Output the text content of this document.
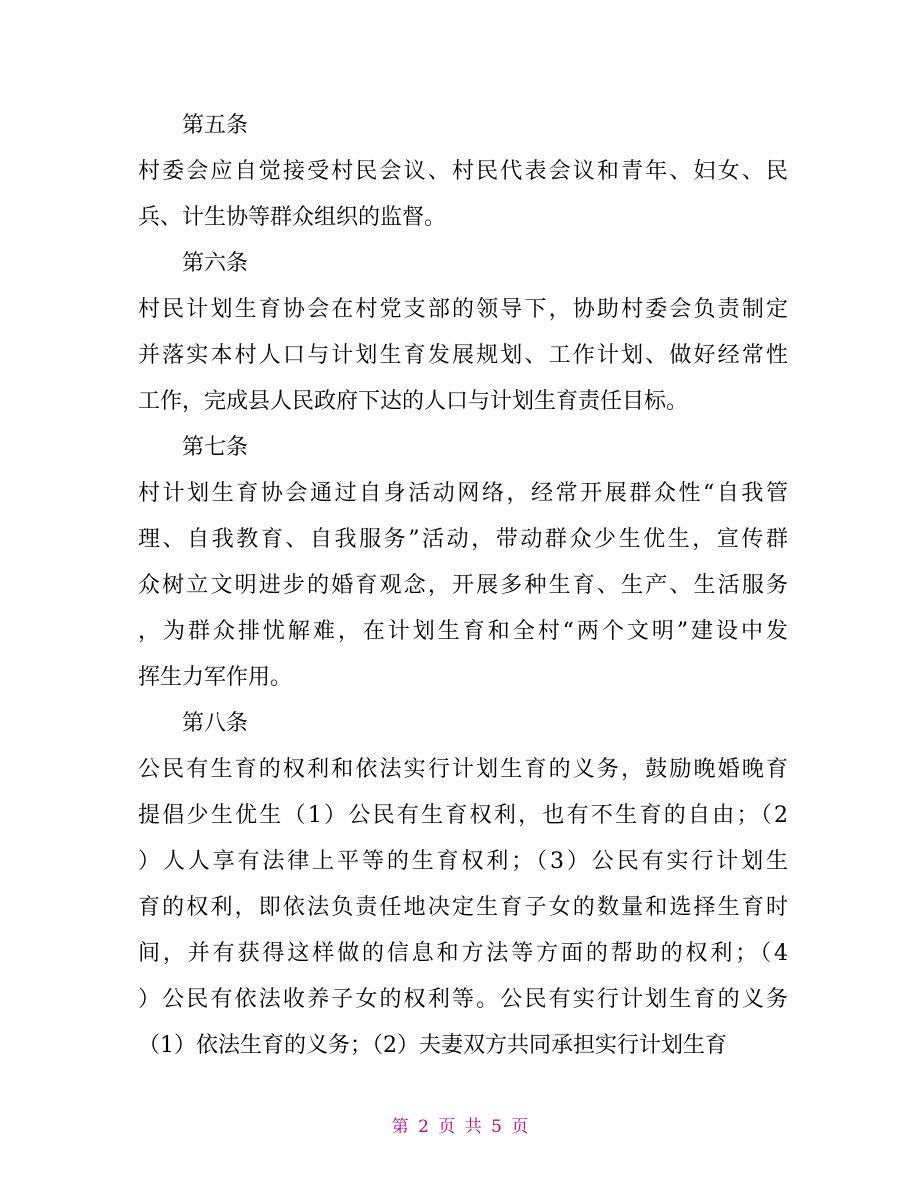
第五条
村委会应自觉接受村民会议、村民代表会议和青年、妇女、民
兵、计生协等群众组织的监督。
第六条
村民计划生育协会在村党支部的领导下，协助村委会负责制定
并落实本村人口与计划生育发展规划、工作计划、做好经常性
工作，完成县人民政府下达的人口与计划生育责任目标。
第七条
村计划生育协会通过自身活动网络，经常开展群众性“自我管
理、自我教育、自我服务”活动，带动群众少生优生，宣传群
众树立文明进步的婚育观念，开展多种生育、生产、生活服务
，为群众排忧解难，在计划生育和全村“两个文明”建设中发
挥生力军作用。
第八条
公民有生育的权利和依法实行计划生育的义务，鼓励晚婚晚育
提倡少生优生（1）公民有生育权利，也有不生育的自由；（2
）人人享有法律上平等的生育权利；（3）公民有实行计划生
育的权利，即依法负责任地决定生育子女的数量和选择生育时
间，并有获得这样做的信息和方法等方面的帮助的权利；（4
）公民有依法收养子女的权利等。公民有实行计划生育的义务
（1）依法生育的义务；（2）夫妻双方共同承担实行计划生育
第 2 页 共 5 页
